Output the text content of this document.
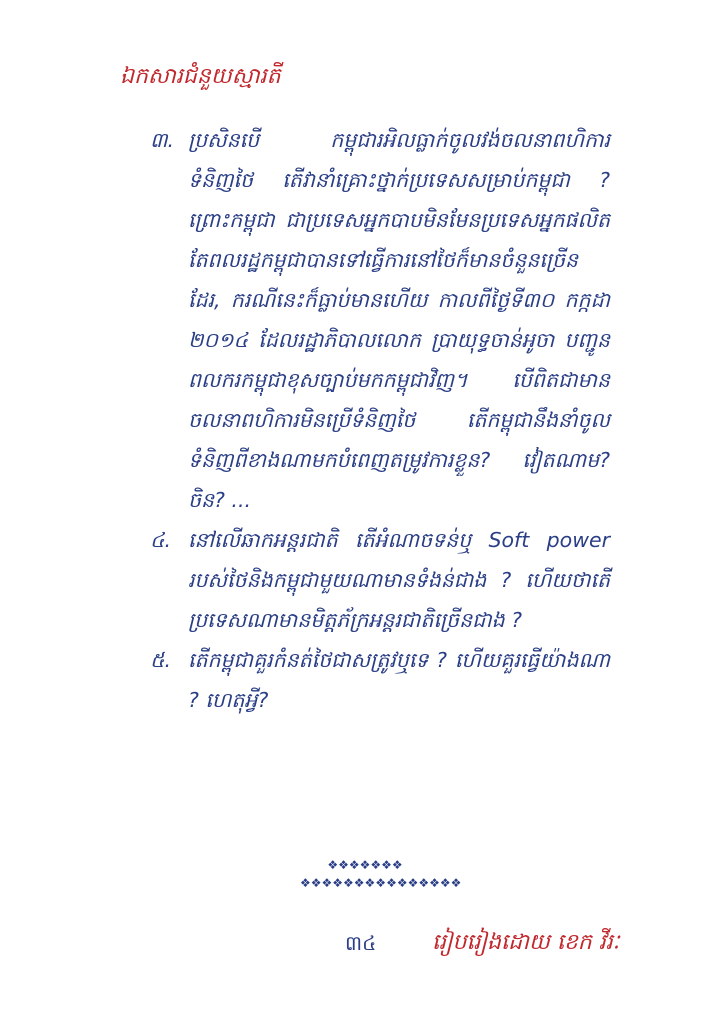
ឯកសារជំនួយស្មារតី
៣. ប្រសិនបើ កម្ពុជារអិលធ្លាក់ចូលវង់ចលនាពហិការទំនិញថៃ តើវានាំគ្រោះថ្នាក់ប្រទេសសម្រាប់កម្ពុជា ? ព្រោះកម្ពុជា ជាប្រទេសអ្នកបាបមិនមែនប្រទេសអ្នកផលិត តែពលរដ្ឋកម្ពុជាបានទៅធ្វើការនៅថៃក៏មានចំនួនច្រើនដែរ, ករណីនេះក៏ធ្លាប់មានហើយ កាលពីថ្ងៃទី៣០ កក្កដា ២០១៤ ដែលរដ្ឋាភិបាលលោក ប្រាយុទ្ធចាន់អូចា បញ្ជូនពលករកម្ពុជាខុសច្បាប់មកកម្ពុជាវិញ។ បើពិតជាមានចលនាពហិការមិនប្រើទំនិញថៃ តើកម្ពុជានឹងនាំចូលទំនិញពីខាងណាមកបំពេញតម្រូវការខ្លួន? វៀតណាម? ចិន? ...
៤. នៅលើឆាកអន្តរជាតិ តើអំណាចទន់ឬ Soft power របស់ថៃនិងកម្ពុជាមួយណាមានទំងន់ជាង ? ហើយថាតើប្រទេសណាមានមិត្តភ័ក្រអន្តរជាតិច្រើនជាង ?
៥. តើកម្ពុជាគួរកំនត់ថៃជាសត្រូវឬទេ ? ហើយគួរធ្វើយ៉ាងណា ? ហេតុអ្វី?
❖❖❖❖❖❖❖
❖❖❖❖❖❖❖❖❖❖❖❖❖❖❖
៣៤	រៀបរៀងដោយ ខេក វីរៈ
